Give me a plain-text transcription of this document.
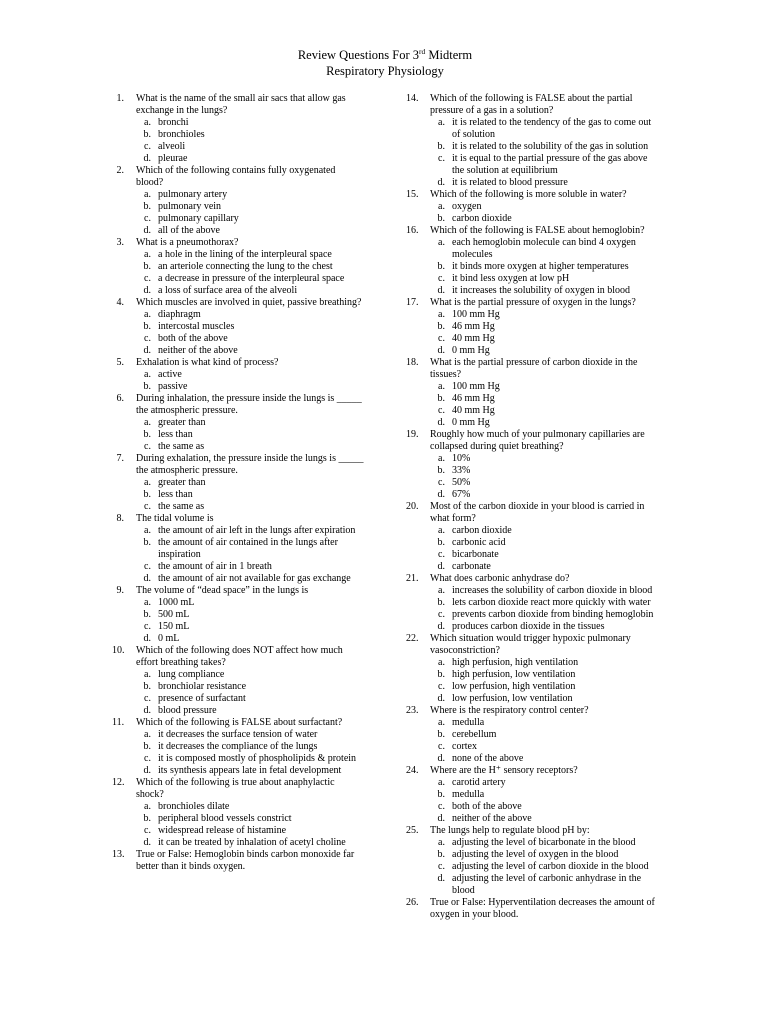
Review Questions For 3rd Midterm
Respiratory Physiology
1. What is the name of the small air sacs that allow gas exchange in the lungs?
a. bronchi
b. bronchioles
c. alveoli
d. pleurae
2. Which of the following contains fully oxygenated blood?
a. pulmonary artery
b. pulmonary vein
c. pulmonary capillary
d. all of the above
3. What is a pneumothorax?
a. a hole in the lining of the interpleural space
b. an arteriole connecting the lung to the chest
c. a decrease in pressure of the interpleural space
d. a loss of surface area of the alveoli
4. Which muscles are involved in quiet, passive breathing?
a. diaphragm
b. intercostal muscles
c. both of the above
d. neither of the above
5. Exhalation is what kind of process?
a. active
b. passive
6. During inhalation, the pressure inside the lungs is _____ the atmospheric pressure.
a. greater than
b. less than
c. the same as
7. During exhalation, the pressure inside the lungs is _____ the atmospheric pressure.
a. greater than
b. less than
c. the same as
8. The tidal volume is
a. the amount of air left in the lungs after expiration
b. the amount of air contained in the lungs after inspiration
c. the amount of air in 1 breath
d. the amount of air not available for gas exchange
9. The volume of “dead space” in the lungs is
a. 1000 mL
b. 500 mL
c. 150 mL
d. 0 mL
10. Which of the following does NOT affect how much effort breathing takes?
a. lung compliance
b. bronchiolar resistance
c. presence of surfactant
d. blood pressure
11. Which of the following is FALSE about surfactant?
a. it decreases the surface tension of water
b. it decreases the compliance of the lungs
c. it is composed mostly of phospholipids & protein
d. its synthesis appears late in fetal development
12. Which of the following is true about anaphylactic shock?
a. bronchioles dilate
b. peripheral blood vessels constrict
c. widespread release of histamine
d. it can be treated by inhalation of acetyl choline
13. True or False: Hemoglobin binds carbon monoxide far better than it binds oxygen.
14. Which of the following is FALSE about the partial pressure of a gas in a solution?
a. it is related to the tendency of the gas to come out of solution
b. it is related to the solubility of the gas in solution
c. it is equal to the partial pressure of the gas above the solution at equilibrium
d. it is related to blood pressure
15. Which of the following is more soluble in water?
a. oxygen
b. carbon dioxide
16. Which of the following is FALSE about hemoglobin?
a. each hemoglobin molecule can bind 4 oxygen molecules
b. it binds more oxygen at higher temperatures
c. it bind less oxygen at low pH
d. it increases the solubility of oxygen in blood
17. What is the partial pressure of oxygen in the lungs?
a. 100 mm Hg
b. 46 mm Hg
c. 40 mm Hg
d. 0 mm Hg
18. What is the partial pressure of carbon dioxide in the tissues?
a. 100 mm Hg
b. 46 mm Hg
c. 40 mm Hg
d. 0 mm Hg
19. Roughly how much of your pulmonary capillaries are collapsed during quiet breathing?
a. 10%
b. 33%
c. 50%
d. 67%
20. Most of the carbon dioxide in your blood is carried in what form?
a. carbon dioxide
b. carbonic acid
c. bicarbonate
d. carbonate
21. What does carbonic anhydrase do?
a. increases the solubility of carbon dioxide in blood
b. lets carbon dioxide react more quickly with water
c. prevents carbon dioxide from binding hemoglobin
d. produces carbon dioxide in the tissues
22. Which situation would trigger hypoxic pulmonary vasoconstriction?
a. high perfusion, high ventilation
b. high perfusion, low ventilation
c. low perfusion, high ventilation
d. low perfusion, low ventilation
23. Where is the respiratory control center?
a. medulla
b. cerebellum
c. cortex
d. none of the above
24. Where are the H⁺ sensory receptors?
a. carotid artery
b. medulla
c. both of the above
d. neither of the above
25. The lungs help to regulate blood pH by:
a. adjusting the level of bicarbonate in the blood
b. adjusting the level of oxygen in the blood
c. adjusting the level of carbon dioxide in the blood
d. adjusting the level of carbonic anhydrase in the blood
26. True or False: Hyperventilation decreases the amount of oxygen in your blood.
